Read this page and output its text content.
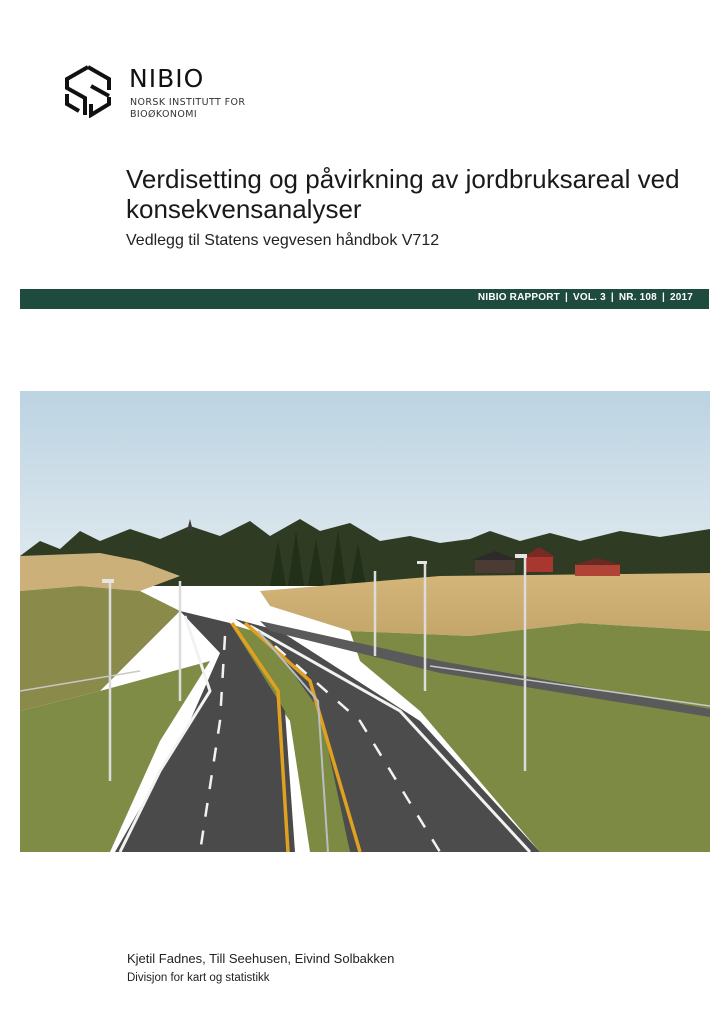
NIBIO
NORSK INSTITUTT FOR
BIOØKONOMI
Verdisetting og påvirkning av jordbruksareal ved konsekvensanalyser

Vedlegg til Statens vegvesen håndbok V712

NIBIO RAPPORT | VOL. 3 | NR. 108 | 2017

Kjetil Fadnes, Till Seehusen, Eivind Solbakken

Divisjon for kart og statistikk
